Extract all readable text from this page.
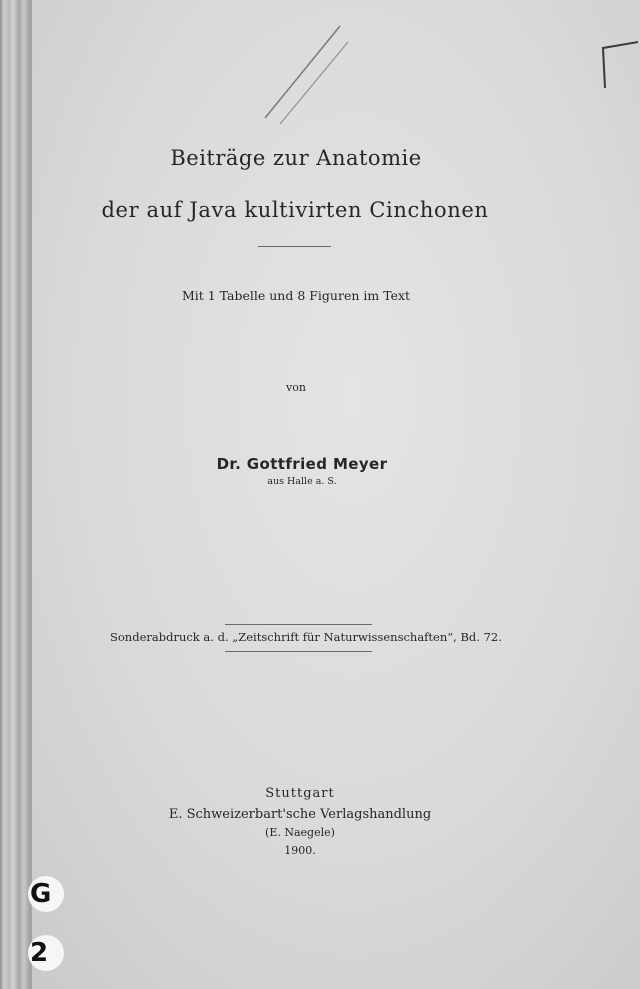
Beiträge zur Anatomie
der auf Java kultivirten Cinchonen
Mit 1 Tabelle und 8 Figuren im Text
von
Dr. Gottfried Meyer
aus Halle a. S.
Sonderabdruck a. d. „Zeitschrift für Naturwissenschaften“, Bd. 72.
Stuttgart
E. Schweizerbart'sche Verlagshandlung
(E. Naegele)
1900.
G
2
